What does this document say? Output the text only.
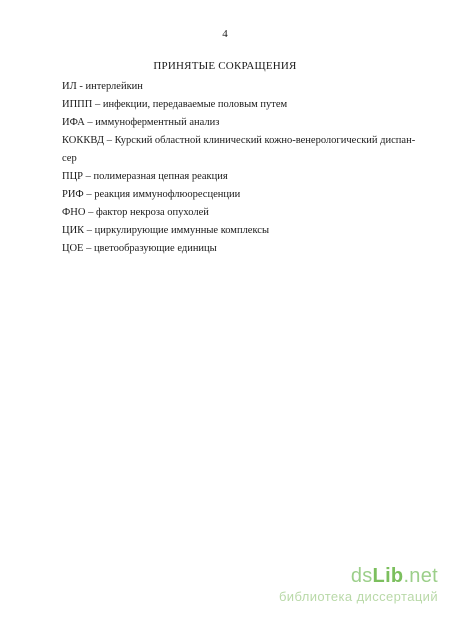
4
ПРИНЯТЫЕ СОКРАЩЕНИЯ
ИЛ - интерлейкин
ИППП – инфекции, передаваемые половым путем
ИФА – иммуноферментный анализ
КОККВД – Курский областной клинический кожно-венерологический диспан-
сер
ПЦР – полимеразная цепная реакция
РИФ – реакция иммунофлюоресценции
ФНО – фактор некроза опухолей
ЦИК – циркулирующие иммунные комплексы
ЦОЕ – цветообразующие единицы
dsLib.net
библиотека диссертаций
